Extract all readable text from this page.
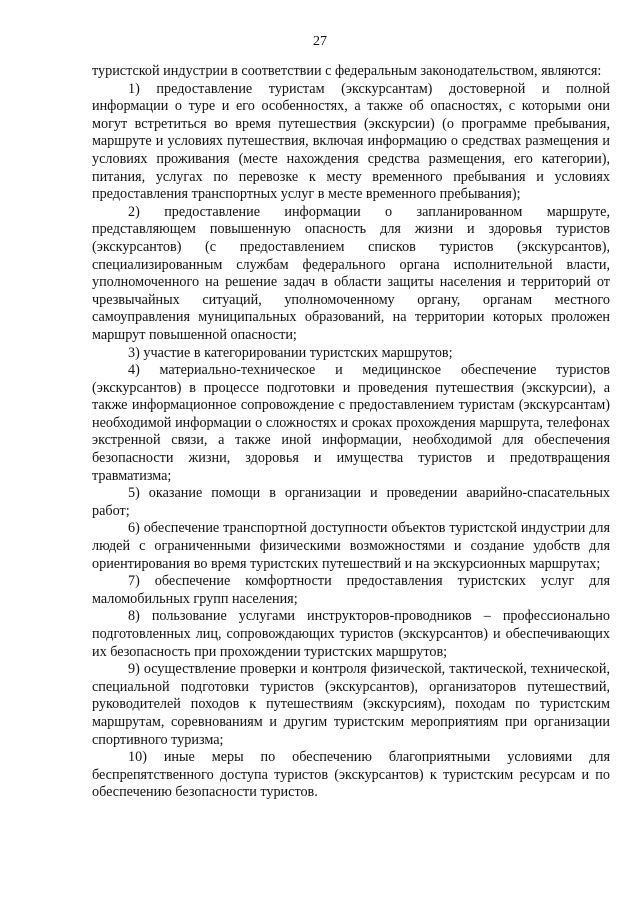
27

туристской индустрии в соответствии с федеральным законодательством, являются:

1) предоставление туристам (экскурсантам) достоверной и полной информации о туре и его особенностях, а также об опасностях, с которыми они могут встретиться во время путешествия (экскурсии) (о программе пребывания, маршруте и условиях путешествия, включая информацию о средствах размещения и условиях проживания (месте нахождения средства размещения, его категории), питания, услугах по перевозке к месту временного пребывания и условиях предоставления транспортных услуг в месте временного пребывания);

2) предоставление информации о запланированном маршруте, представляющем повышенную опасность для жизни и здоровья туристов (экскурсантов) (с предоставлением списков туристов (экскурсантов), специализированным службам федерального органа исполнительной власти, уполномоченного на решение задач в области защиты населения и территорий от чрезвычайных ситуаций, уполномоченному органу, органам местного самоуправления муниципальных образований, на территории которых проложен маршрут повышенной опасности;

3) участие в категорировании туристских маршрутов;

4) материально-техническое и медицинское обеспечение туристов (экскурсантов) в процессе подготовки и проведения путешествия (экскурсии), а также информационное сопровождение с предоставлением туристам (экскурсантам) необходимой информации о сложностях и сроках прохождения маршрута, телефонах экстренной связи, а также иной информации, необходимой для обеспечения безопасности жизни, здоровья и имущества туристов и предотвращения травматизма;

5) оказание помощи в организации и проведении аварийно-спасательных работ;

6) обеспечение транспортной доступности объектов туристской индустрии для людей с ограниченными физическими возможностями и создание удобств для ориентирования во время туристских путешествий и на экскурсионных маршрутах;

7) обеспечение комфортности предоставления туристских услуг для маломобильных групп населения;

8) пользование услугами инструкторов-проводников – профессионально подготовленных лиц, сопровождающих туристов (экскурсантов) и обеспечивающих их безопасность при прохождении туристских маршрутов;

9) осуществление проверки и контроля физической, тактической, технической, специальной подготовки туристов (экскурсантов), организаторов путешествий, руководителей походов к путешествиям (экскурсиям), походам по туристским маршрутам, соревнованиям и другим туристским мероприятиям при организации спортивного туризма;

10) иные меры по обеспечению благоприятными условиями для беспрепятственного доступа туристов (экскурсантов) к туристским ресурсам и по обеспечению безопасности туристов.
